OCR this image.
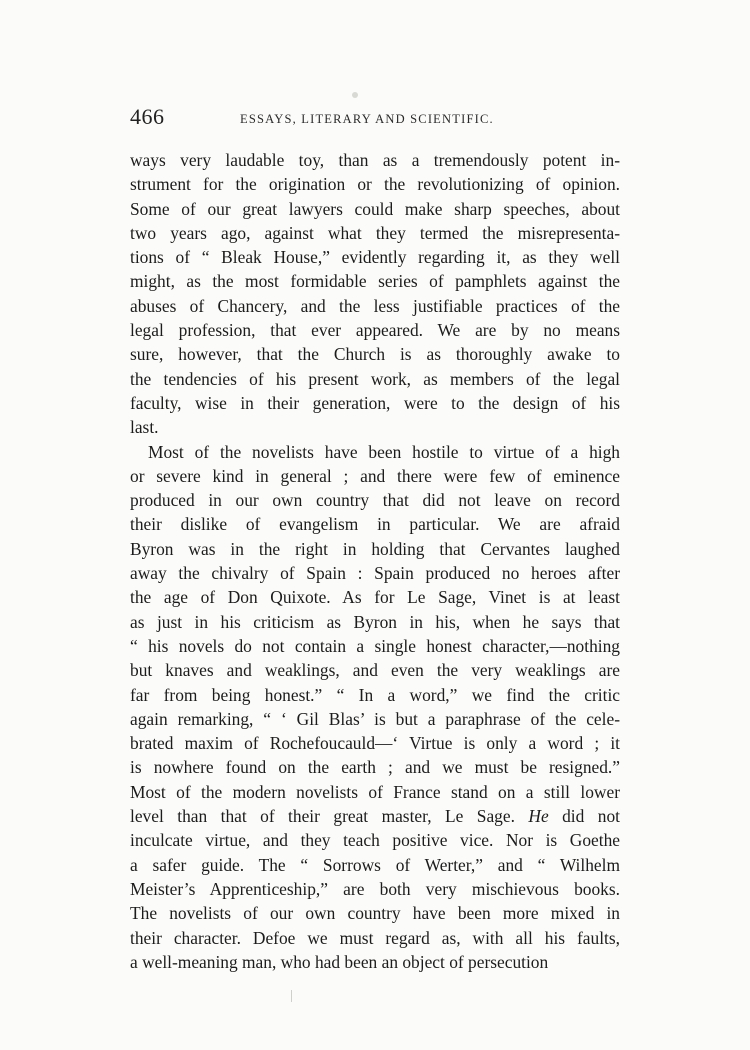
466	ESSAYS, LITERARY AND SCIENTIFIC.
ways very laudable toy, than as a tremendously potent in-
strument for the origination or the revolutionizing of opinion.
Some of our great lawyers could make sharp speeches, about
two years ago, against what they termed the misrepresenta-
tions of “ Bleak House,” evidently regarding it, as they well
might, as the most formidable series of pamphlets against the
abuses of Chancery, and the less justifiable practices of the
legal profession, that ever appeared. We are by no means
sure, however, that the Church is as thoroughly awake to
the tendencies of his present work, as members of the legal
faculty, wise in their generation, were to the design of his
last.
Most of the novelists have been hostile to virtue of a high
or severe kind in general ; and there were few of eminence
produced in our own country that did not leave on record
their dislike of evangelism in particular. We are afraid
Byron was in the right in holding that Cervantes laughed
away the chivalry of Spain : Spain produced no heroes after
the age of Don Quixote. As for Le Sage, Vinet is at least
as just in his criticism as Byron in his, when he says that
“ his novels do not contain a single honest character,—nothing
but knaves and weaklings, and even the very weaklings are
far from being honest.” “ In a word,” we find the critic
again remarking, “ ‘ Gil Blas’ is but a paraphrase of the cele-
brated maxim of Rochefoucauld—‘ Virtue is only a word ; it
is nowhere found on the earth ; and we must be resigned.”
Most of the modern novelists of France stand on a still lower
level than that of their great master, Le Sage. He did not
inculcate virtue, and they teach positive vice. Nor is Goethe
a safer guide. The “ Sorrows of Werter,” and “ Wilhelm
Meister’s Apprenticeship,” are both very mischievous books.
The novelists of our own country have been more mixed in
their character. Defoe we must regard as, with all his faults,
a well-meaning man, who had been an object of persecution
